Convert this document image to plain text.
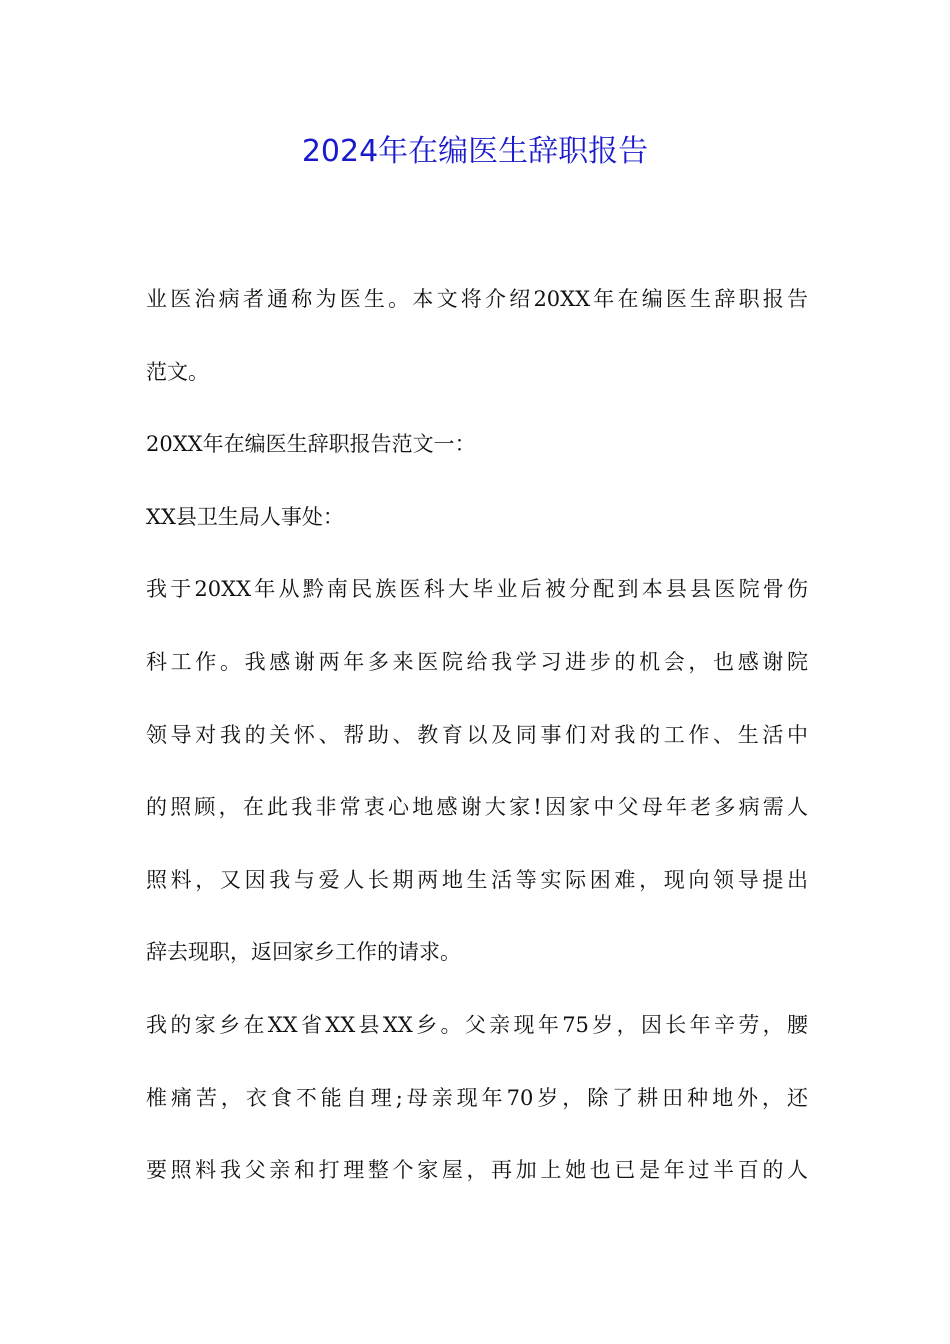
2024年在编医生辞职报告
业医治病者通称为医生。本文将介绍20XX年在编医生辞职报告
范文。
20XX年在编医生辞职报告范文一：
XX县卫生局人事处：
我于20XX年从黔南民族医科大毕业后被分配到本县县医院骨伤
科工作。我感谢两年多来医院给我学习进步的机会，也感谢院
领导对我的关怀、帮助、教育以及同事们对我的工作、生活中
的照顾，在此我非常衷心地感谢大家!因家中父母年老多病需人
照料，又因我与爱人长期两地生活等实际困难，现向领导提出
辞去现职，返回家乡工作的请求。
我的家乡在XX省XX县XX乡。父亲现年75岁，因长年辛劳，腰
椎痛苦，衣食不能自理;母亲现年70岁，除了耕田种地外，还
要照料我父亲和打理整个家屋，再加上她也已是年过半百的人
